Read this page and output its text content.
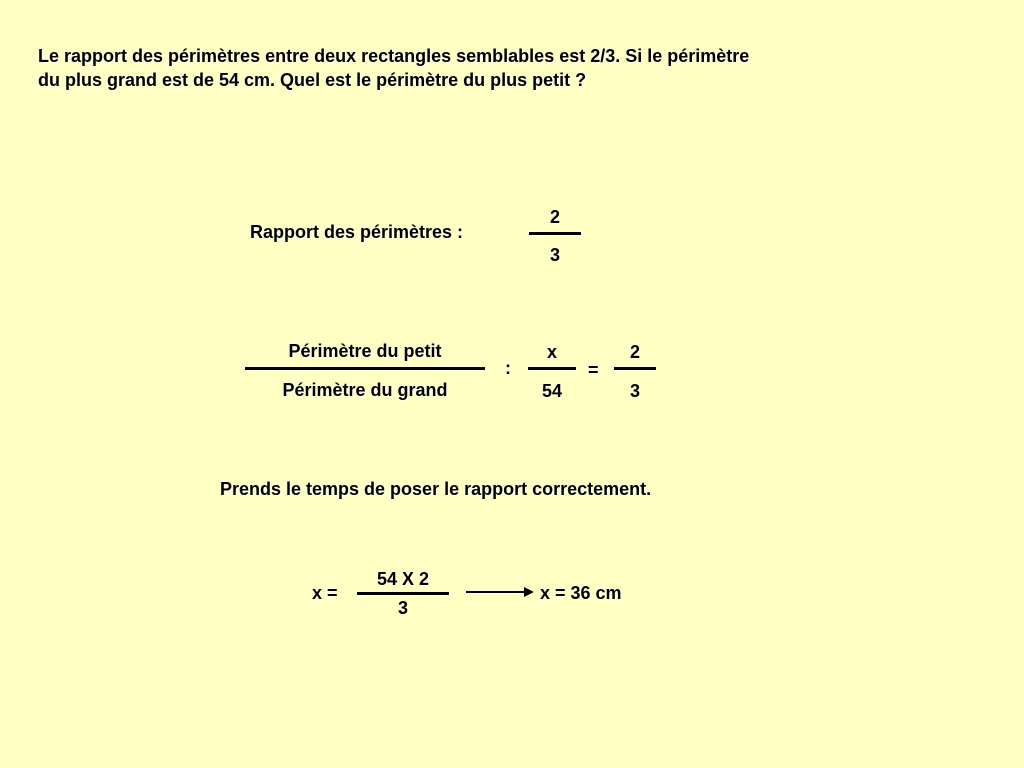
Le rapport des périmètres entre deux rectangles semblables est 2/3. Si le périmètre
du plus grand est de 54 cm. Quel est le périmètre du plus petit ?
Rapport des périmètres :
2
3
Périmètre du petit
Périmètre du grand
:
x
54
=
2
3
Prends le temps de poser le rapport correctement.
x =
54 X 2
3
x = 36 cm
